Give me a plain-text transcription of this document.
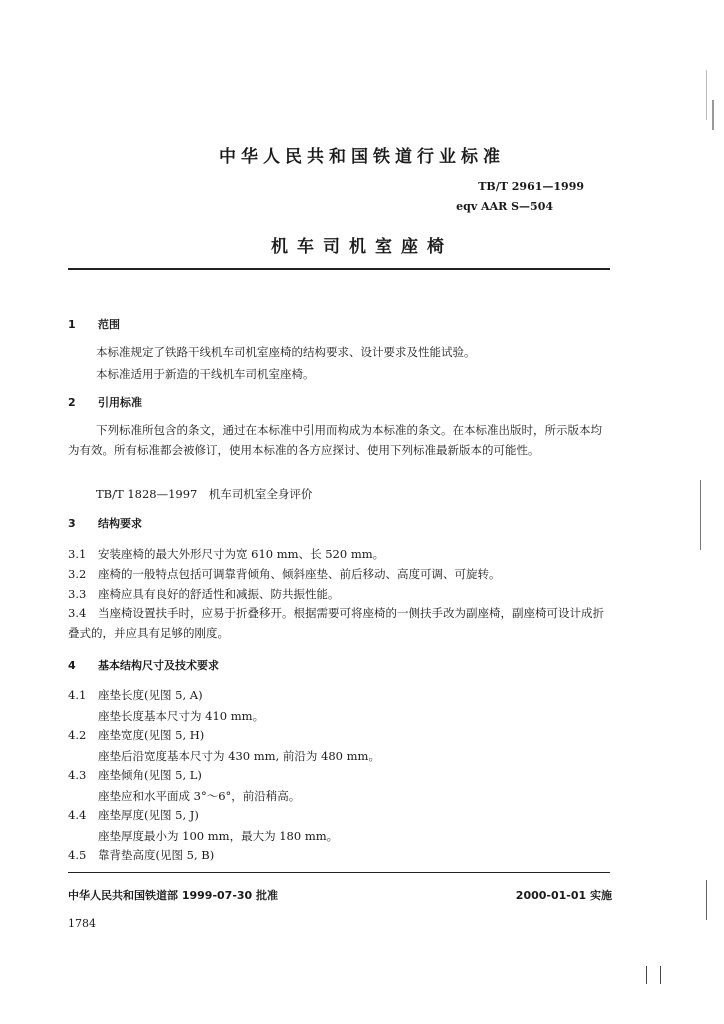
中华人民共和国铁道行业标准
TB/T 2961—1999
eqv AAR S—504
机车司机室座椅
1 范围
本标准规定了铁路干线机车司机室座椅的结构要求、设计要求及性能试验。
本标准适用于新造的干线机车司机室座椅。
2 引用标准
下列标准所包含的条文，通过在本标准中引用而构成为本标准的条文。在本标准出版时，所示版本均为有效。所有标准都会被修订，使用本标准的各方应探讨、使用下列标准最新版本的可能性。
TB/T 1828—1997　机车司机室全身评价
3 结构要求
3.1 安装座椅的最大外形尺寸为宽 610 mm、长 520 mm。
3.2 座椅的一般特点包括可调靠背倾角、倾斜座垫、前后移动、高度可调、可旋转。
3.3 座椅应具有良好的舒适性和减振、防共振性能。
3.4 当座椅设置扶手时，应易于折叠移开。根据需要可将座椅的一侧扶手改为副座椅，副座椅可设计成折叠式的，并应具有足够的刚度。
4 基本结构尺寸及技术要求
4.1 座垫长度(见图 5, A)
座垫长度基本尺寸为 410 mm。
4.2 座垫宽度(见图 5, H)
座垫后沿宽度基本尺寸为 430 mm, 前沿为 480 mm。
4.3 座垫倾角(见图 5, L)
座垫应和水平面成 3°～6°，前沿稍高。
4.4 座垫厚度(见图 5, J)
座垫厚度最小为 100 mm，最大为 180 mm。
4.5 靠背垫高度(见图 5, B)
中华人民共和国铁道部 1999-07-30 批准	2000-01-01 实施
1784
